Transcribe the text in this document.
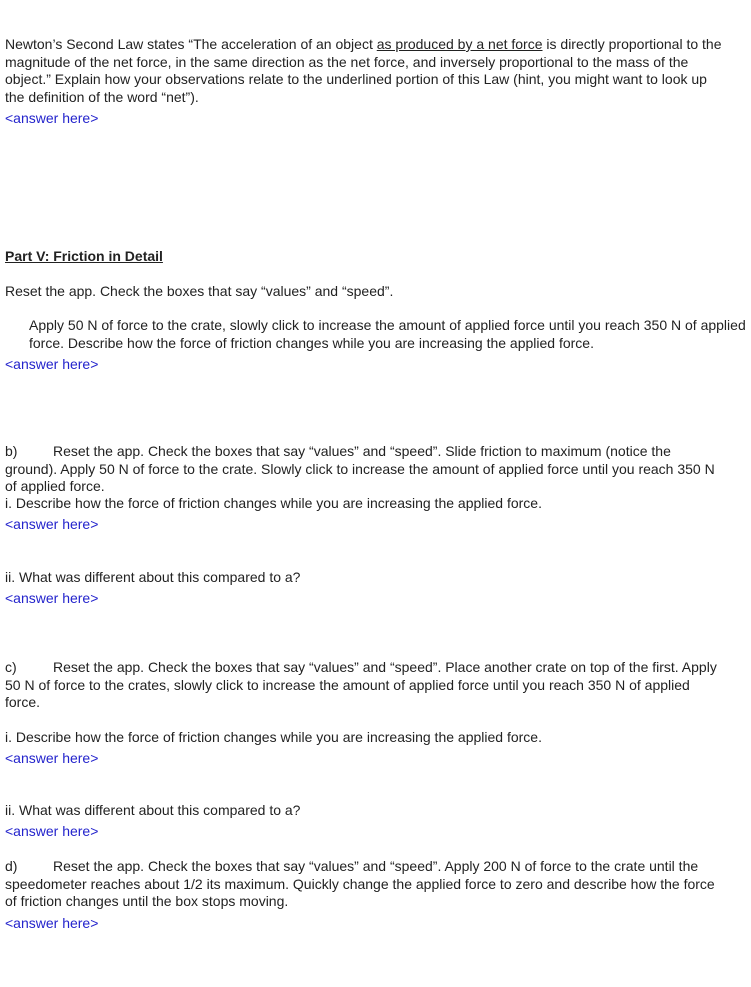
Newton’s Second Law states “The acceleration of an object as produced by a net force is directly proportional to the magnitude of the net force, in the same direction as the net force, and inversely proportional to the mass of the object.” Explain how your observations relate to the underlined portion of this Law (hint, you might want to look up the definition of the word “net”).

<answer here>

Part V: Friction in Detail

Reset the app. Check the boxes that say “values” and “speed”.

Apply 50 N of force to the crate, slowly click to increase the amount of applied force until you reach 350 N of applied force. Describe how the force of friction changes while you are increasing the applied force.

<answer here>

b)	Reset the app. Check the boxes that say “values” and “speed”. Slide friction to maximum (notice the ground). Apply 50 N of force to the crate. Slowly click to increase the amount of applied force until you reach 350 N of applied force.

i. Describe how the force of friction changes while you are increasing the applied force.

<answer here>

ii. What was different about this compared to a?

<answer here>

c)	Reset the app. Check the boxes that say “values” and “speed”. Place another crate on top of the first. Apply 50 N of force to the crates, slowly click to increase the amount of applied force until you reach 350 N of applied force.

i. Describe how the force of friction changes while you are increasing the applied force.

<answer here>

ii. What was different about this compared to a?

<answer here>

d)	Reset the app. Check the boxes that say “values” and “speed”. Apply 200 N of force to the crate until the speedometer reaches about 1/2 its maximum. Quickly change the applied force to zero and describe how the force of friction changes until the box stops moving.

<answer here>
